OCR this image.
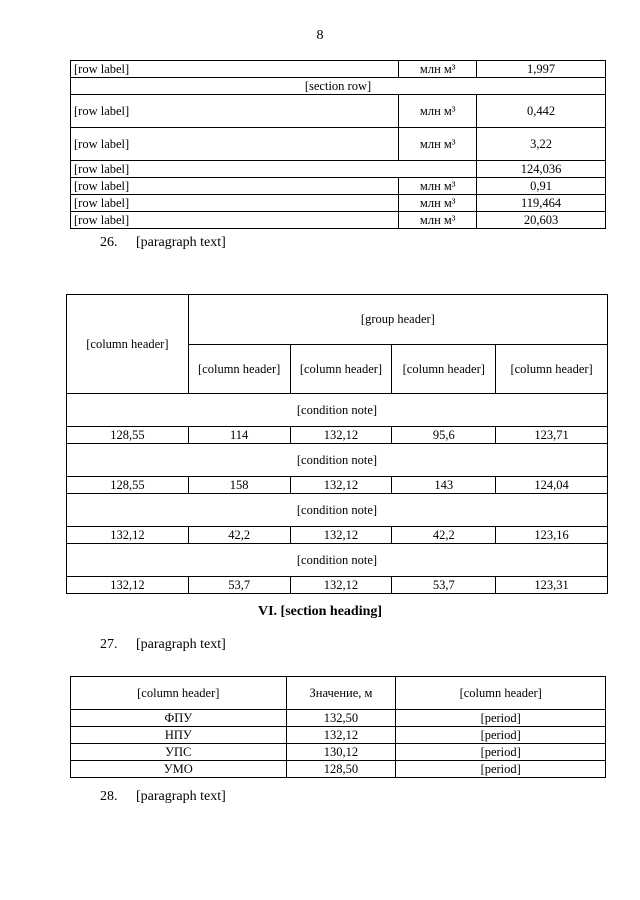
8
[row label]	млн м³	1,997
[section row]		
[row label]	млн м³	0,442
[row label]	млн м³	3,22
[row label]		124,036
[row label]	млн м³	0,91
[row label]	млн м³	119,464
[row label]	млн м³	20,603
26. [paragraph text]
[column header]	[group header]			
	[column header]	[column header]	[column header]	[column header]
[condition note]				
128,55	114	132,12	95,6	123,71
[condition note]				
128,55	158	132,12	143	124,04
[condition note]				
132,12	42,2	132,12	42,2	123,16
[condition note]				
132,12	53,7	132,12	53,7	123,31
VI. [section heading]
27. [paragraph text]
[column header]	Значение, м	[column header]
ФПУ	132,50	[period]
НПУ	132,12	[period]
УПС	130,12	[period]
УМО	128,50	[period]
28. [paragraph text]
